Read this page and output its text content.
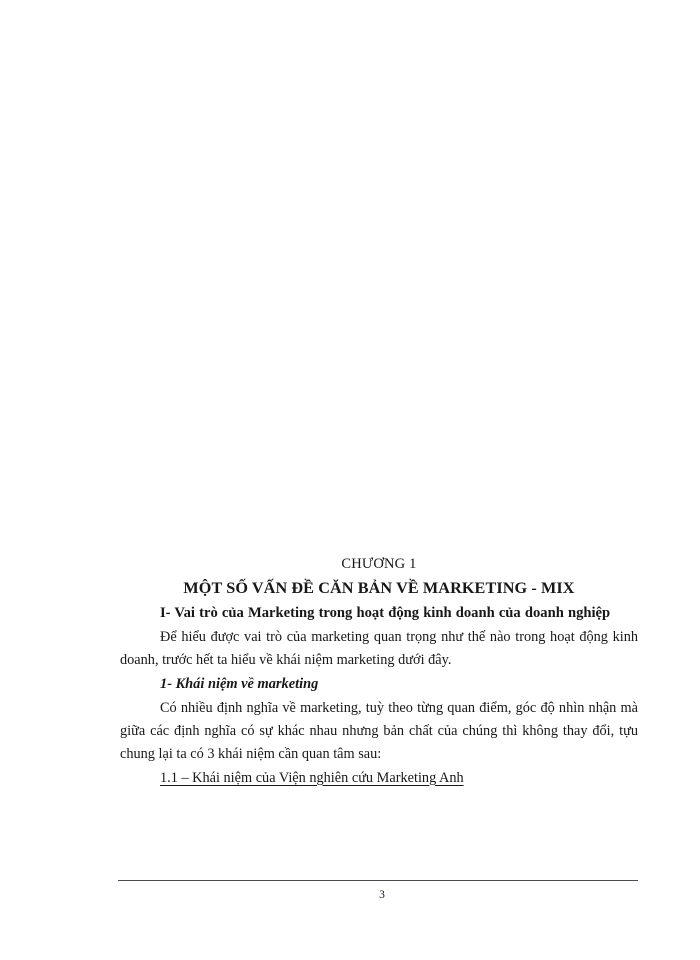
CHƯƠNG 1

MỘT SỐ VẤN ĐỀ CĂN BẢN VỀ MARKETING - MIX
I- Vai trò của Marketing trong hoạt động kinh doanh của doanh nghiệp

Để hiểu được vai trò của marketing quan trọng như thế nào trong hoạt động kinh doanh, trước hết ta hiểu về khái niệm marketing dưới đây.

1- Khái niệm về marketing

Có nhiều định nghĩa về marketing, tuỳ theo từng quan điểm, góc độ nhìn nhận mà giữa các định nghĩa có sự khác nhau nhưng bản chất của chúng thì không thay đổi, tựu chung lại ta có 3 khái niệm cần quan tâm sau:

1.1 – Khái niệm của Viện nghiên cứu Marketing Anh

3
